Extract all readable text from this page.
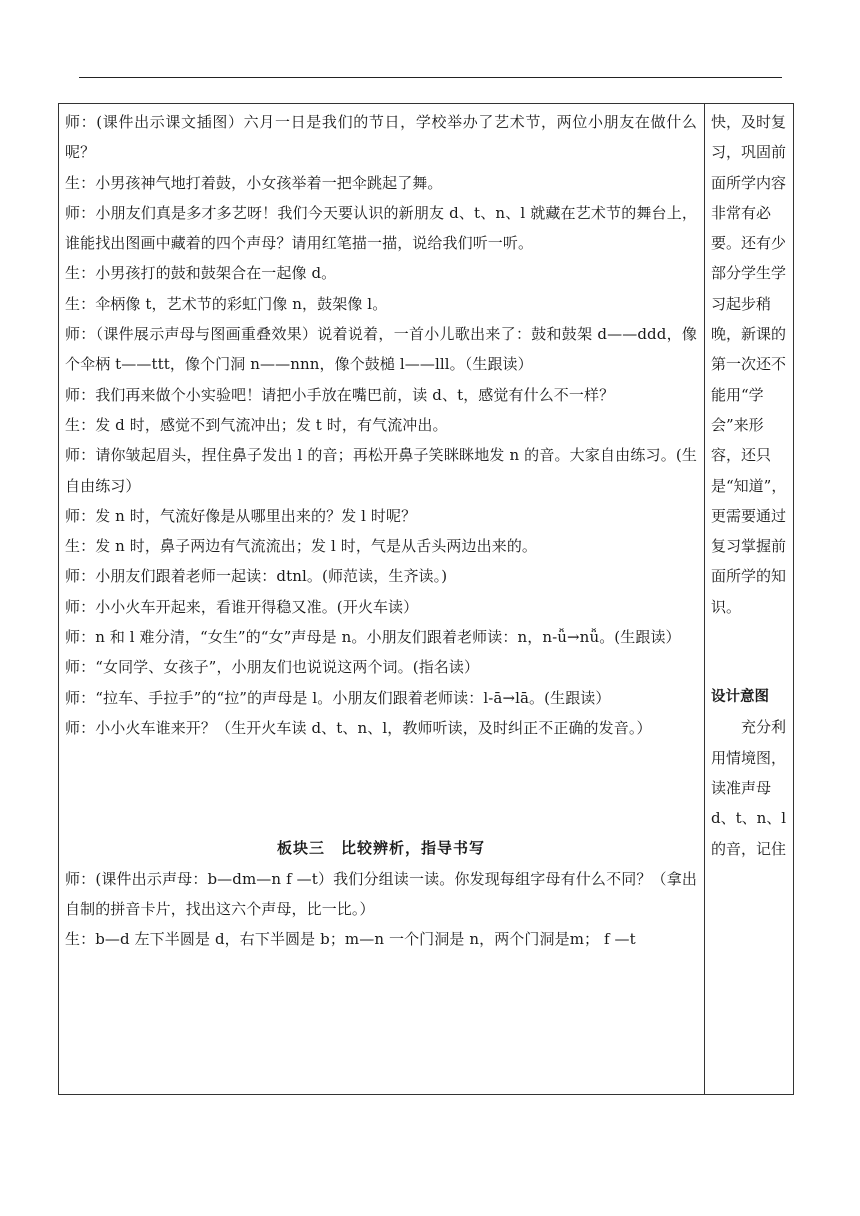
师：(课件出示课文插图）六月一日是我们的节日，学校举办了艺术节，两位小朋友在做什么呢？

生：小男孩神气地打着鼓，小女孩举着一把伞跳起了舞。

师：小朋友们真是多才多艺呀！我们今天要认识的新朋友 d、t、n、l 就藏在艺术节的舞台上，谁能找出图画中藏着的四个声母？请用红笔描一描，说给我们听一听。

生：小男孩打的鼓和鼓架合在一起像 d。

生：伞柄像 t，艺术节的彩虹门像 n，鼓架像 l。

师：（课件展示声母与图画重叠效果）说着说着，一首小儿歌出来了：鼓和鼓架 d——ddd，像个伞柄 t——ttt，像个门洞 n——nnn，像个鼓槌 l——lll。（生跟读）

师：我们再来做个小实验吧！请把小手放在嘴巴前，读 d、t，感觉有什么不一样？

生：发 d 时，感觉不到气流冲出；发 t 时，有气流冲出。

师：请你皱起眉头，捏住鼻子发出 l 的音；再松开鼻子笑眯眯地发 n 的音。大家自由练习。(生自由练习）

师：发 n 时，气流好像是从哪里出来的？发 l 时呢？

生：发 n 时，鼻子两边有气流流出；发 l 时，气是从舌头两边出来的。

师：小朋友们跟着老师一起读：dtnl。(师范读，生齐读。)

师：小小火车开起来，看谁开得稳又准。(开火车读）

师：n 和 l 难分清，“女生”的“女”声母是 n。小朋友们跟着老师读：n，n-ǚ→nǚ。(生跟读）

师：“女同学、女孩子”，小朋友们也说说这两个词。(指名读）

师：“拉车、手拉手”的“拉”的声母是 l。小朋友们跟着老师读：l-ā→lā。(生跟读）

师：小小火车谁来开？（生开火车读 d、t、n、l，教师听读，及时纠正不正确的发音。）

板块三　比较辨析，指导书写

师：(课件出示声母：b—dm—n f —t）我们分组读一读。你发现每组字母有什么不同？（拿出自制的拼音卡片，找出这六个声母，比一比。）

生：b—d 左下半圆是 d，右下半圆是 b；m—n 一个门洞是 n，两个门洞是m； f —t

快，及时复习，巩固前面所学内容非常有必要。还有少部分学生学习起步稍晚，新课的第一次还不能用“学会”来形容，还只是“知道”，更需要通过复习掌握前面所学的知识。

设计意图

充分利用情境图，读准声母 d、t、n、l 的音，记住
